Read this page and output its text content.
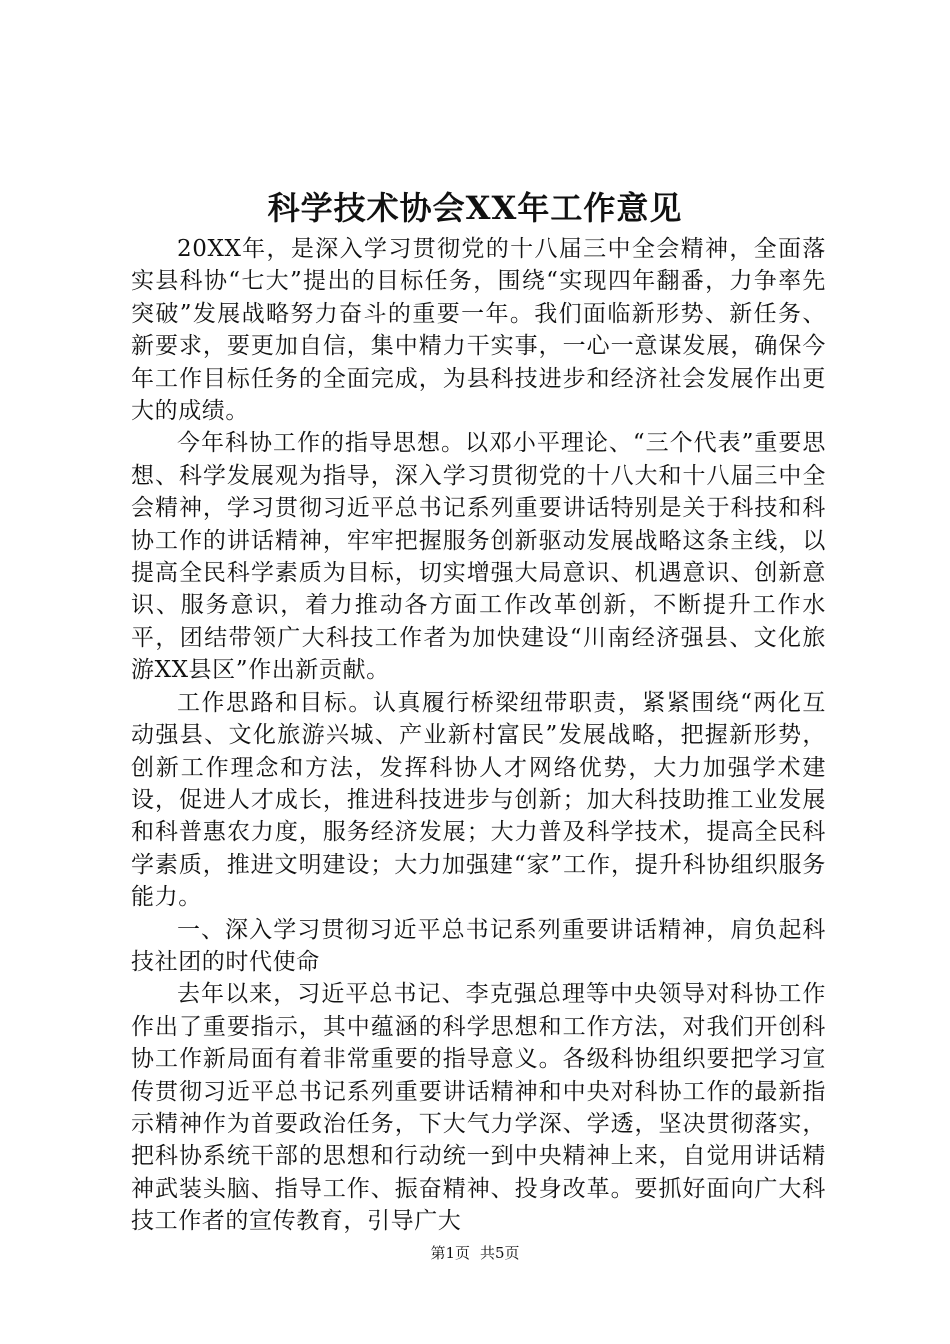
科学技术协会XX年工作意见

20XX年，是深入学习贯彻党的十八届三中全会精神，全面落实县科协“七大”提出的目标任务，围绕“实现四年翻番，力争率先突破”发展战略努力奋斗的重要一年。我们面临新形势、新任务、新要求，要更加自信，集中精力干实事，一心一意谋发展，确保今年工作目标任务的全面完成，为县科技进步和经济社会发展作出更大的成绩。

今年科协工作的指导思想。以邓小平理论、“三个代表”重要思想、科学发展观为指导，深入学习贯彻党的十八大和十八届三中全会精神，学习贯彻习近平总书记系列重要讲话特别是关于科技和科协工作的讲话精神，牢牢把握服务创新驱动发展战略这条主线，以提高全民科学素质为目标，切实增强大局意识、机遇意识、创新意识、服务意识，着力推动各方面工作改革创新，不断提升工作水平，团结带领广大科技工作者为加快建设“川南经济强县、文化旅游XX县区”作出新贡献。

工作思路和目标。认真履行桥梁纽带职责，紧紧围绕“两化互动强县、文化旅游兴城、产业新村富民”发展战略，把握新形势，创新工作理念和方法，发挥科协人才网络优势，大力加强学术建设，促进人才成长，推进科技进步与创新；加大科技助推工业发展和科普惠农力度，服务经济发展；大力普及科学技术，提高全民科学素质，推进文明建设；大力加强建“家”工作，提升科协组织服务能力。

一、深入学习贯彻习近平总书记系列重要讲话精神，肩负起科技社团的时代使命

去年以来，习近平总书记、李克强总理等中央领导对科协工作作出了重要指示，其中蕴涵的科学思想和工作方法，对我们开创科协工作新局面有着非常重要的指导意义。各级科协组织要把学习宣传贯彻习近平总书记系列重要讲话精神和中央对科协工作的最新指示精神作为首要政治任务，下大气力学深、学透，坚决贯彻落实，把科协系统干部的思想和行动统一到中央精神上来，自觉用讲话精神武装头脑、指导工作、振奋精神、投身改革。要抓好面向广大科技工作者的宣传教育，引导广大

第1页 共5页
